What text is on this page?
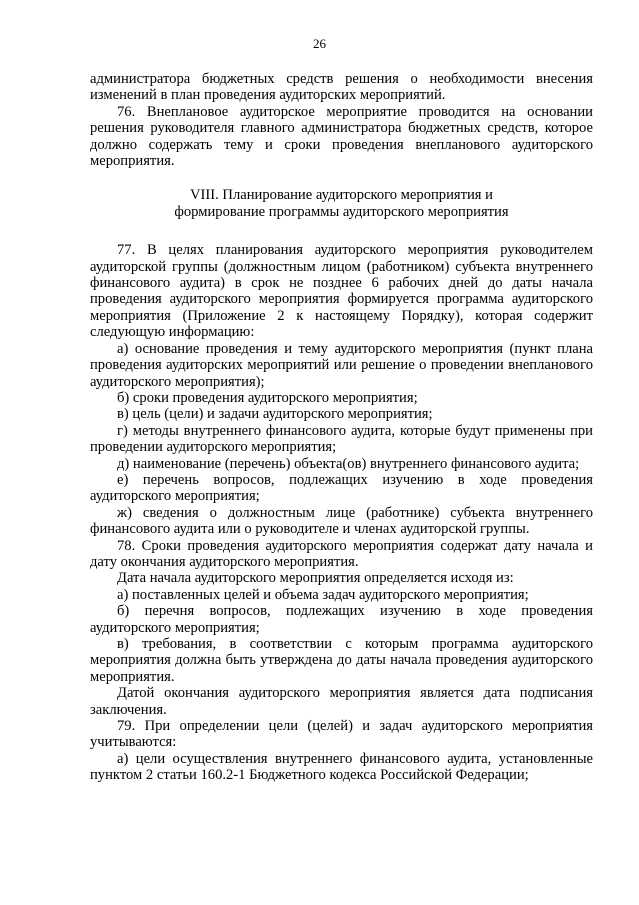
26

администратора бюджетных средств решения о необходимости внесения изменений в план проведения аудиторских мероприятий.

76. Внеплановое аудиторское мероприятие проводится на основании решения руководителя главного администратора бюджетных средств, которое должно содержать тему и сроки проведения внепланового аудиторского мероприятия.

VIII. Планирование аудиторского мероприятия и
формирование программы аудиторского мероприятия

77. В целях планирования аудиторского мероприятия руководителем аудиторской группы (должностным лицом (работником) субъекта внутреннего финансового аудита) в срок не позднее 6 рабочих дней до даты начала проведения аудиторского мероприятия формируется программа аудиторского мероприятия (Приложение 2 к настоящему Порядку), которая содержит следующую информацию:

а) основание проведения и тему аудиторского мероприятия (пункт плана проведения аудиторских мероприятий или решение о проведении внепланового аудиторского мероприятия);

б) сроки проведения аудиторского мероприятия;

в) цель (цели) и задачи аудиторского мероприятия;

г) методы внутреннего финансового аудита, которые будут применены при проведении аудиторского мероприятия;

д) наименование (перечень) объекта(ов) внутреннего финансового аудита;

е) перечень вопросов, подлежащих изучению в ходе проведения аудиторского мероприятия;

ж) сведения о должностным лице (работнике) субъекта внутреннего финансового аудита или о руководителе и членах аудиторской группы.

78. Сроки проведения аудиторского мероприятия содержат дату начала и дату окончания аудиторского мероприятия.

Дата начала аудиторского мероприятия определяется исходя из:

а) поставленных целей и объема задач аудиторского мероприятия;

б) перечня вопросов, подлежащих изучению в ходе проведения аудиторского мероприятия;

в) требования, в соответствии с которым программа аудиторского мероприятия должна быть утверждена до даты начала проведения аудиторского мероприятия.

Датой окончания аудиторского мероприятия является дата подписания заключения.

79. При определении цели (целей) и задач аудиторского мероприятия учитываются:

а) цели осуществления внутреннего финансового аудита, установленные пунктом 2 статьи 160.2-1 Бюджетного кодекса Российской Федерации;
